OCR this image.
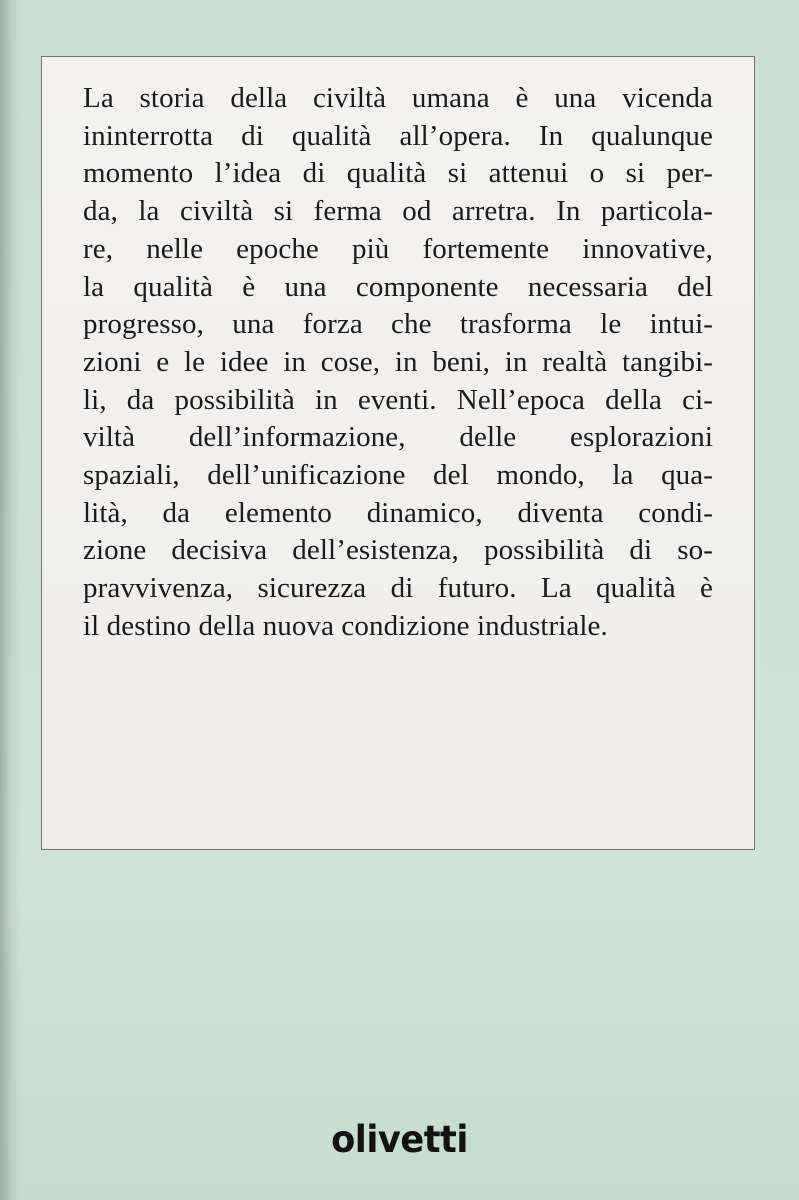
La storia della civiltà umana è una vicenda
ininterrotta di qualità all’opera. In qualunque
momento l’idea di qualità si attenui o si per-
da, la civiltà si ferma od arretra. In particola-
re, nelle epoche più fortemente innovative,
la qualità è una componente necessaria del
progresso, una forza che trasforma le intui-
zioni e le idee in cose, in beni, in realtà tangibi-
li, da possibilità in eventi. Nell’epoca della ci-
viltà dell’informazione, delle esplorazioni
spaziali, dell’unificazione del mondo, la qua-
lità, da elemento dinamico, diventa condi-
zione decisiva dell’esistenza, possibilità di so-
pravvivenza, sicurezza di futuro. La qualità è
il destino della nuova condizione industriale.
olivetti
